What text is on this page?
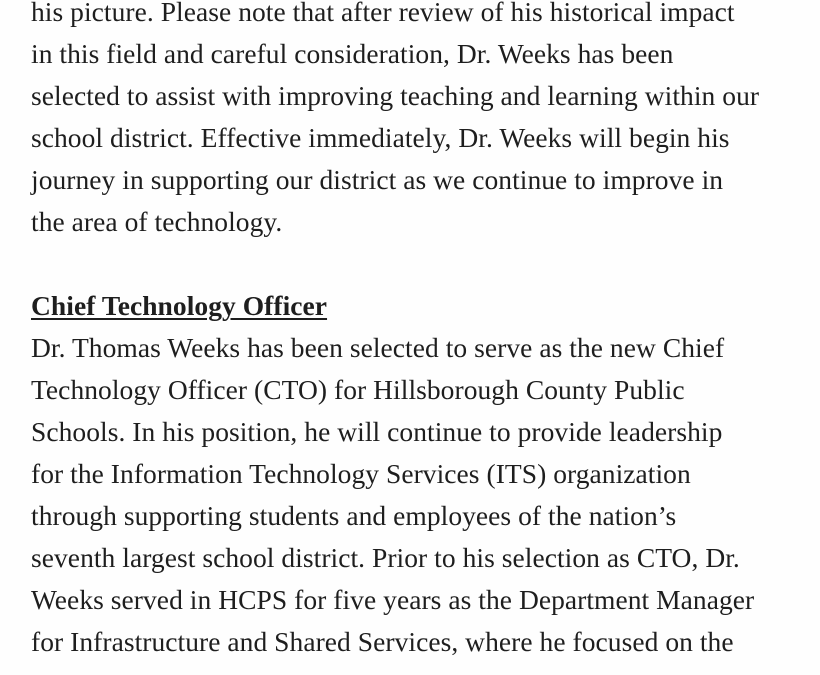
his picture. Please note that after review of his historical impact
in this field and careful consideration, Dr. Weeks has been
selected to assist with improving teaching and learning within our
school district. Effective immediately, Dr. Weeks will begin his
journey in supporting our district as we continue to improve in
the area of technology.
Chief Technology Officer
Dr. Thomas Weeks has been selected to serve as the new Chief
Technology Officer (CTO) for Hillsborough County Public
Schools. In his position, he will continue to provide leadership
for the Information Technology Services (ITS) organization
through supporting students and employees of the nation’s
seventh largest school district. Prior to his selection as CTO, Dr.
Weeks served in HCPS for five years as the Department Manager
for Infrastructure and Shared Services, where he focused on the
